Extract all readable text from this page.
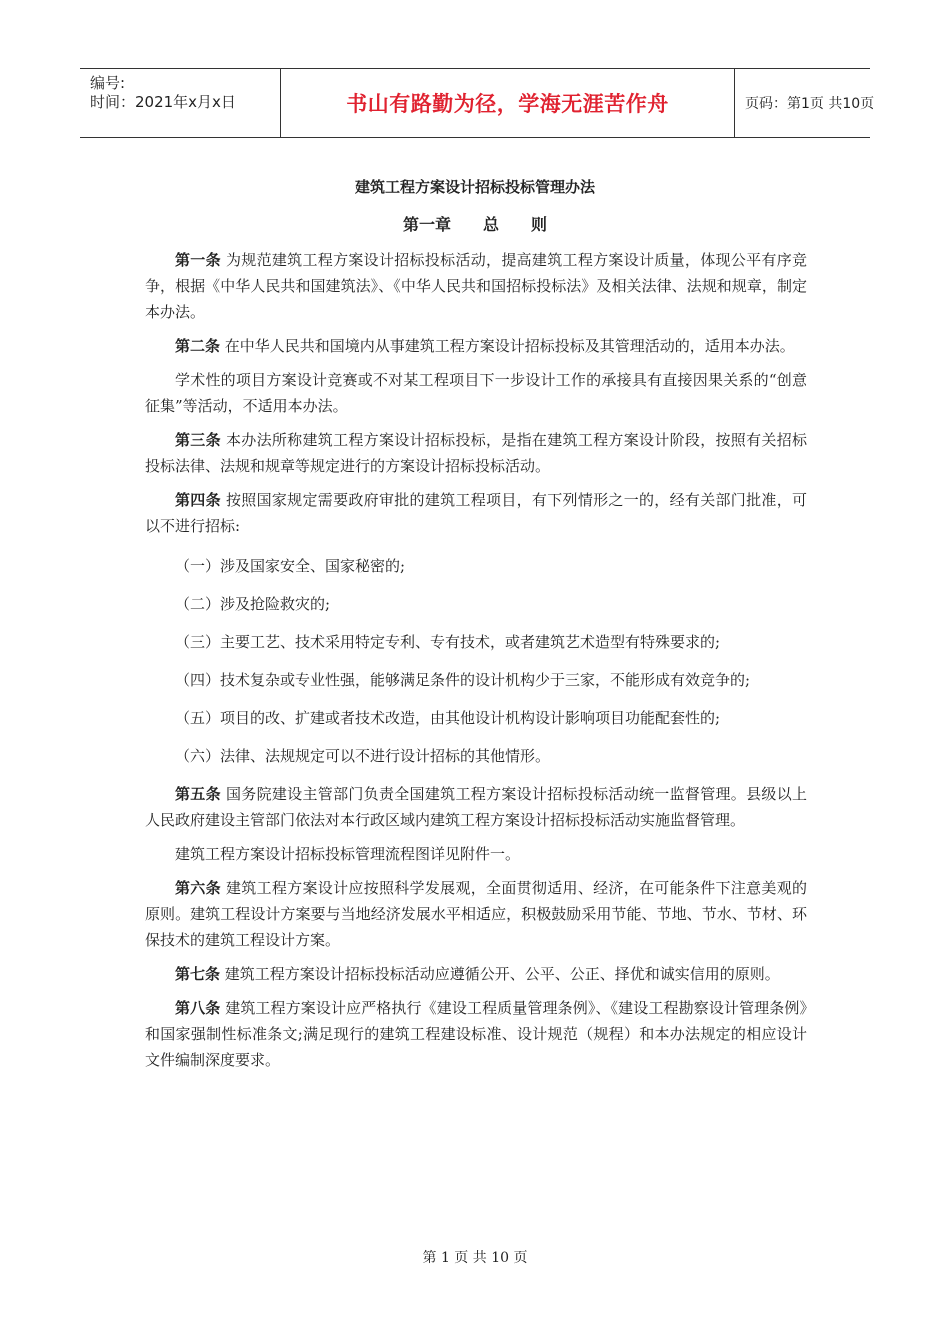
编号:
时间：2021年x月x日	书山有路勤为径，学海无涯苦作舟	页码：第1页 共10页
建筑工程方案设计招标投标管理办法
第一章　　总　　则

第一条 为规范建筑工程方案设计招标投标活动，提高建筑工程方案设计质量，体现公平有序竞争，根据《中华人民共和国建筑法》、《中华人民共和国招标投标法》及相关法律、法规和规章，制定本办法。

第二条 在中华人民共和国境内从事建筑工程方案设计招标投标及其管理活动的，适用本办法。

学术性的项目方案设计竞赛或不对某工程项目下一步设计工作的承接具有直接因果关系的“创意征集”等活动，不适用本办法。

第三条 本办法所称建筑工程方案设计招标投标，是指在建筑工程方案设计阶段，按照有关招标投标法律、法规和规章等规定进行的方案设计招标投标活动。

第四条 按照国家规定需要政府审批的建筑工程项目，有下列情形之一的，经有关部门批准，可以不进行招标:

（一）涉及国家安全、国家秘密的;

（二）涉及抢险救灾的;

（三）主要工艺、技术采用特定专利、专有技术，或者建筑艺术造型有特殊要求的;

（四）技术复杂或专业性强，能够满足条件的设计机构少于三家，不能形成有效竞争的;

（五）项目的改、扩建或者技术改造，由其他设计机构设计影响项目功能配套性的;

（六）法律、法规规定可以不进行设计招标的其他情形。

第五条 国务院建设主管部门负责全国建筑工程方案设计招标投标活动统一监督管理。县级以上人民政府建设主管部门依法对本行政区域内建筑工程方案设计招标投标活动实施监督管理。

建筑工程方案设计招标投标管理流程图详见附件一。

第六条 建筑工程方案设计应按照科学发展观，全面贯彻适用、经济，在可能条件下注意美观的原则。建筑工程设计方案要与当地经济发展水平相适应，积极鼓励采用节能、节地、节水、节材、环保技术的建筑工程设计方案。

第七条 建筑工程方案设计招标投标活动应遵循公开、公平、公正、择优和诚实信用的原则。

第八条 建筑工程方案设计应严格执行《建设工程质量管理条例》、《建设工程勘察设计管理条例》和国家强制性标准条文;满足现行的建筑工程建设标准、设计规范（规程）和本办法规定的相应设计文件编制深度要求。

第 1 页 共 10 页
